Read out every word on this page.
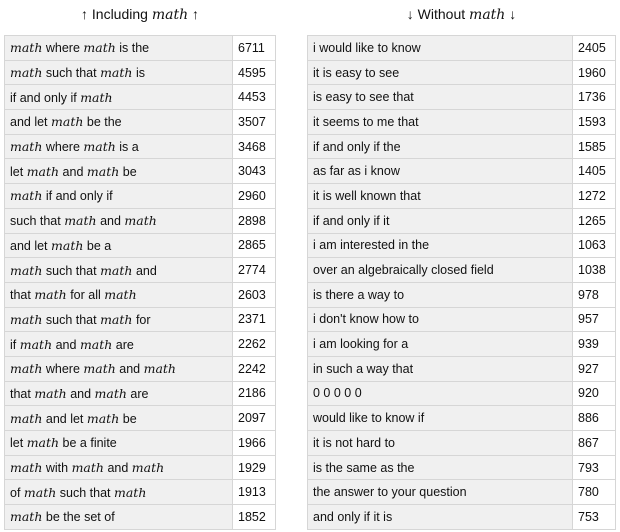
↑ Including math ↑
math where math is the	6711
math such that math is	4595
if and only if math	4453
and let math be the	3507
math where math is a	3468
let math and math be	3043
math if and only if	2960
such that math and math	2898
and let math be a	2865
math such that math and	2774
that math for all math	2603
math such that math for	2371
if math and math are	2262
math where math and math	2242
that math and math are	2186
math and let math be	2097
let math be a finite	1966
math with math and math	1929
of math such that math	1913
math be the set of	1852
↓ Without math ↓
i would like to know	2405
it is easy to see	1960
is easy to see that	1736
it seems to me that	1593
if and only if the	1585
as far as i know	1405
it is well known that	1272
if and only if it	1265
i am interested in the	1063
over an algebraically closed field	1038
is there a way to	978
i don't know how to	957
i am looking for a	939
in such a way that	927
0 0 0 0 0	920
would like to know if	886
it is not hard to	867
is the same as the	793
the answer to your question	780
and only if it is	753
